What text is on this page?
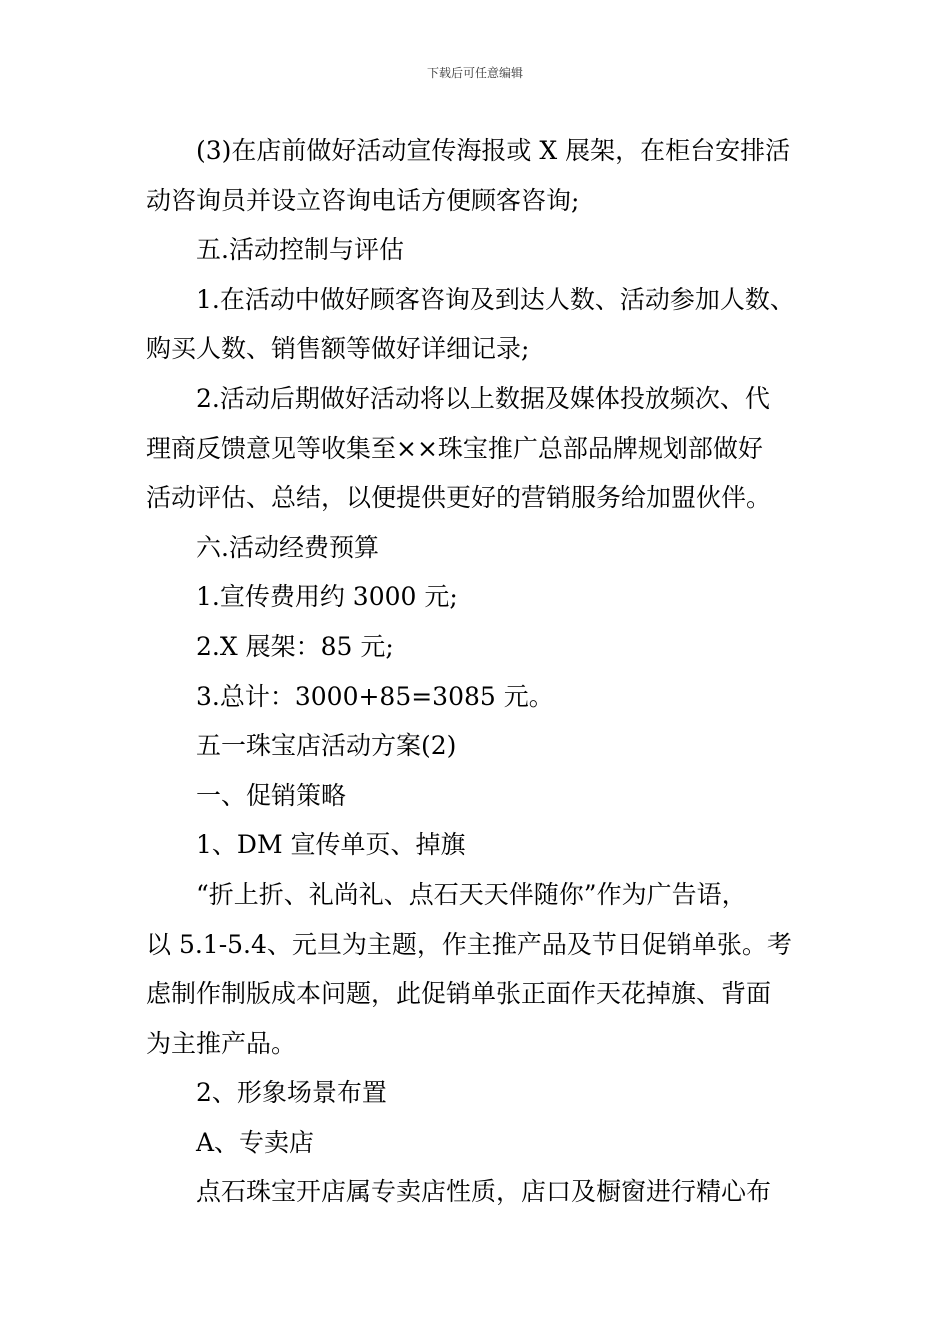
下载后可任意编辑
(3)在店前做好活动宣传海报或 X 展架，在柜台安排活
动咨询员并设立咨询电话方便顾客咨询;
五.活动控制与评估
1.在活动中做好顾客咨询及到达人数、活动参加人数、
购买人数、销售额等做好详细记录;
2.活动后期做好活动将以上数据及媒体投放频次、代
理商反馈意见等收集至××珠宝推广总部品牌规划部做好
活动评估、总结，以便提供更好的营销服务给加盟伙伴。
六.活动经费预算
1.宣传费用约 3000 元;
2.X 展架：85 元;
3.总计：3000+85=3085 元。
五一珠宝店活动方案(2)
一、促销策略
1、DM 宣传单页、掉旗
“折上折、礼尚礼、点石天天伴随你”作为广告语，
以 5.1-5.4、元旦为主题，作主推产品及节日促销单张。考
虑制作制版成本问题，此促销单张正面作天花掉旗、背面
为主推产品。
2、形象场景布置
A、专卖店
点石珠宝开店属专卖店性质，店口及橱窗进行精心布
